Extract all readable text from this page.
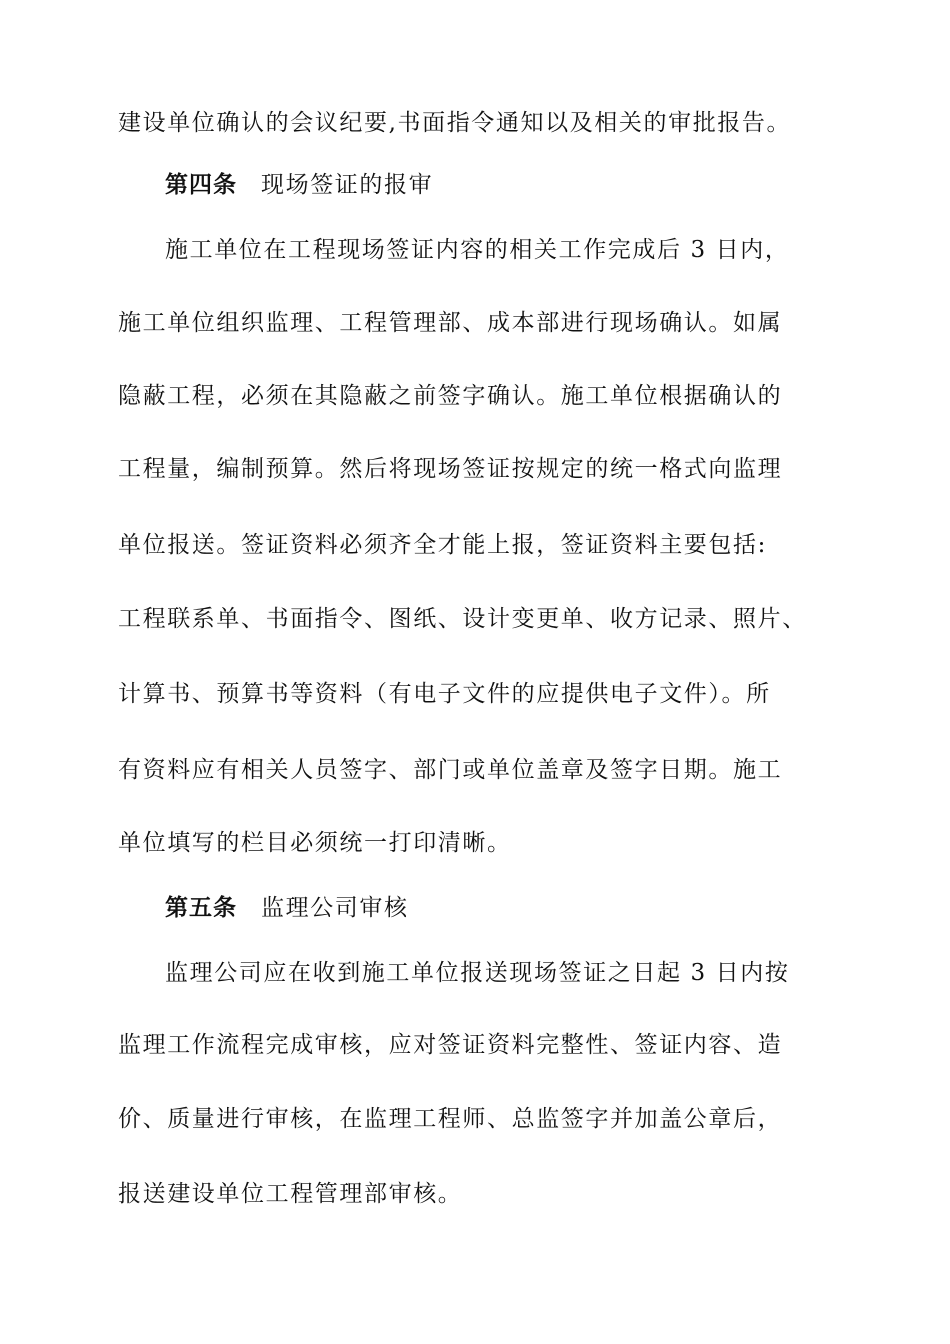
建设单位确认的会议纪要,书面指令通知以及相关的审批报告。
第四条 现场签证的报审
施工单位在工程现场签证内容的相关工作完成后 3 日内，
施工单位组织监理、工程管理部、成本部进行现场确认。如属
隐蔽工程，必须在其隐蔽之前签字确认。施工单位根据确认的
工程量，编制预算。然后将现场签证按规定的统一格式向监理
单位报送。签证资料必须齐全才能上报，签证资料主要包括:
工程联系单、书面指令、图纸、设计变更单、收方记录、照片、
计算书、预算书等资料（有电子文件的应提供电子文件）。所
有资料应有相关人员签字、部门或单位盖章及签字日期。施工
单位填写的栏目必须统一打印清晰。
第五条 监理公司审核
监理公司应在收到施工单位报送现场签证之日起 3 日内按
监理工作流程完成审核，应对签证资料完整性、签证内容、造
价、质量进行审核，在监理工程师、总监签字并加盖公章后，
报送建设单位工程管理部审核。
